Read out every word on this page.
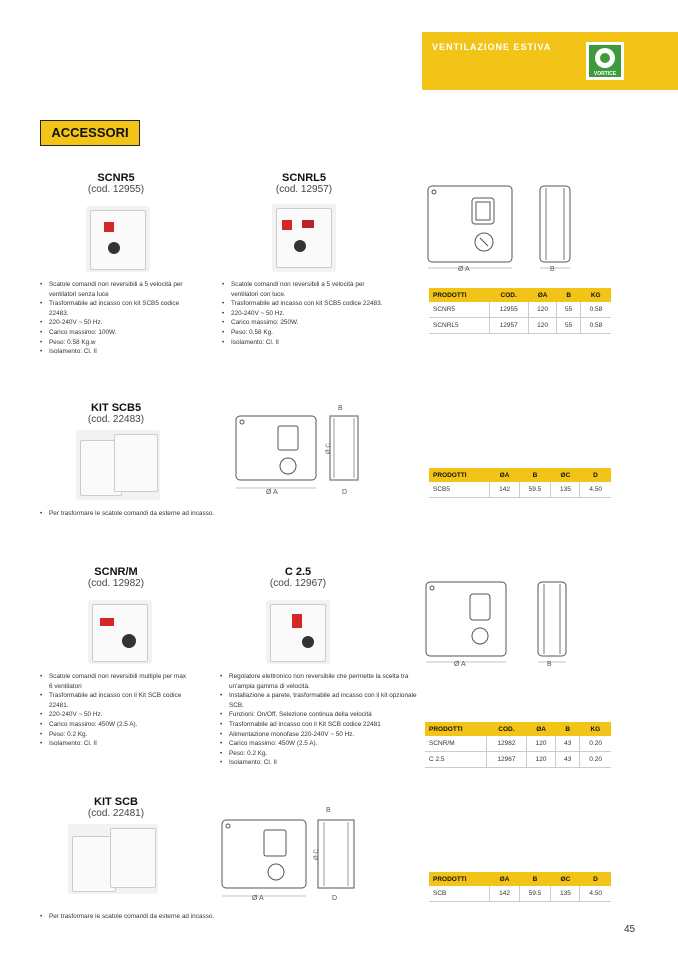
VENTILAZIONE ESTIVA
VORTICE
ACCESSORI
SCNR5
(cod. 12955)
• Scatole comandi non reversibili a 5 velocità per ventilatori senza luce
• Trasformabile ad incasso con kit SCB5 codice 22483.
• 220-240V ~ 50 Hz.
• Carico massimo: 100W.
• Peso: 0.58 Kg.w
• Isolamento: Cl. II
SCNRL5
(cod. 12957)
• Scatole comandi non reversibili a 5 velocità per ventilatori con luce.
• Trasformabile ad incasso con kit SCB5 codice 22483.
• 220-240V ~ 50 Hz.
• Carico massimo: 250W.
• Peso: 0.58 Kg.
• Isolamento: Cl. II
Ø A	B
PRODOTTI	COD.	ØA	B	KG
SCNR5	12955	120	55	0.58
SCNRL5	12957	120	55	0.58
KIT SCB5
(cod. 22483)
Ø A
B
Ø C
D
PRODOTTI	ØA	B	ØC	D
SCB5	142	59.5	135	4.50
• Per trasformare le scatole comandi da esterne ad incasso.
SCNR/M
(cod. 12982)
• Scatole comandi non reversibili multiple per max 6 ventilatori
• Trasformabile ad incasso con il Kit SCB codice 22481.
• 220-240V ~ 50 Hz.
• Carico massimo: 450W (2.5 A).
• Peso: 0.2 Kg.
• Isolamento: Cl. II
C 2.5
(cod. 12967)
• Regolatore elettronico non reversibile che permette la scelta tra un'ampia gamma di velocità.
• Installazione a parete, trasformabile ad incasso con il kit opzionale SCB.
• Funzioni: On/Off, Selezione continua della velocità
• Trasformabile ad incasso con il Kit SCB codice 22481
• Alimentazione monofase 220-240V ~ 50 Hz.
• Carico massimo: 450W (2.5 A).
• Peso: 0.2 Kg.
• Isolamento: Cl. II
Ø A	B
PRODOTTI	COD.	ØA	B	KG
SCNR/M	12982	120	43	0.20
C 2.5	12967	120	43	0.20
KIT SCB
(cod. 22481)
Ø A
B
Ø C
D
PRODOTTI	ØA	B	ØC	D
SCB	142	59.5	135	4.50
• Per trasformare le scatole comandi da esterne ad incasso.
45
